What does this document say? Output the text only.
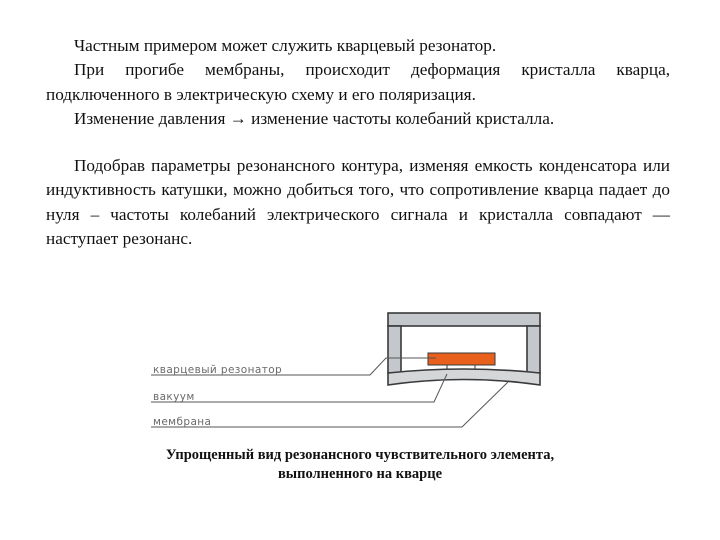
Частным примером может служить кварцевый резонатор.

При прогибе мембраны, происходит деформация кристалла кварца, подключенного в электрическую схему и его поляризация.

Изменение давления → изменение частоты колебаний кристалла.

Подобрав параметры резонансного контура, изменяя емкость конденсатора или индуктивность катушки, можно добиться того, что сопротивление кварца падает до нуля – частоты колебаний электрического сигнала и кристалла совпадают — наступает резонанс.

кварцевый резонатор
вакуум
мембрана
Упрощенный вид резонансного чувствительного элемента,
выполненного на кварце
